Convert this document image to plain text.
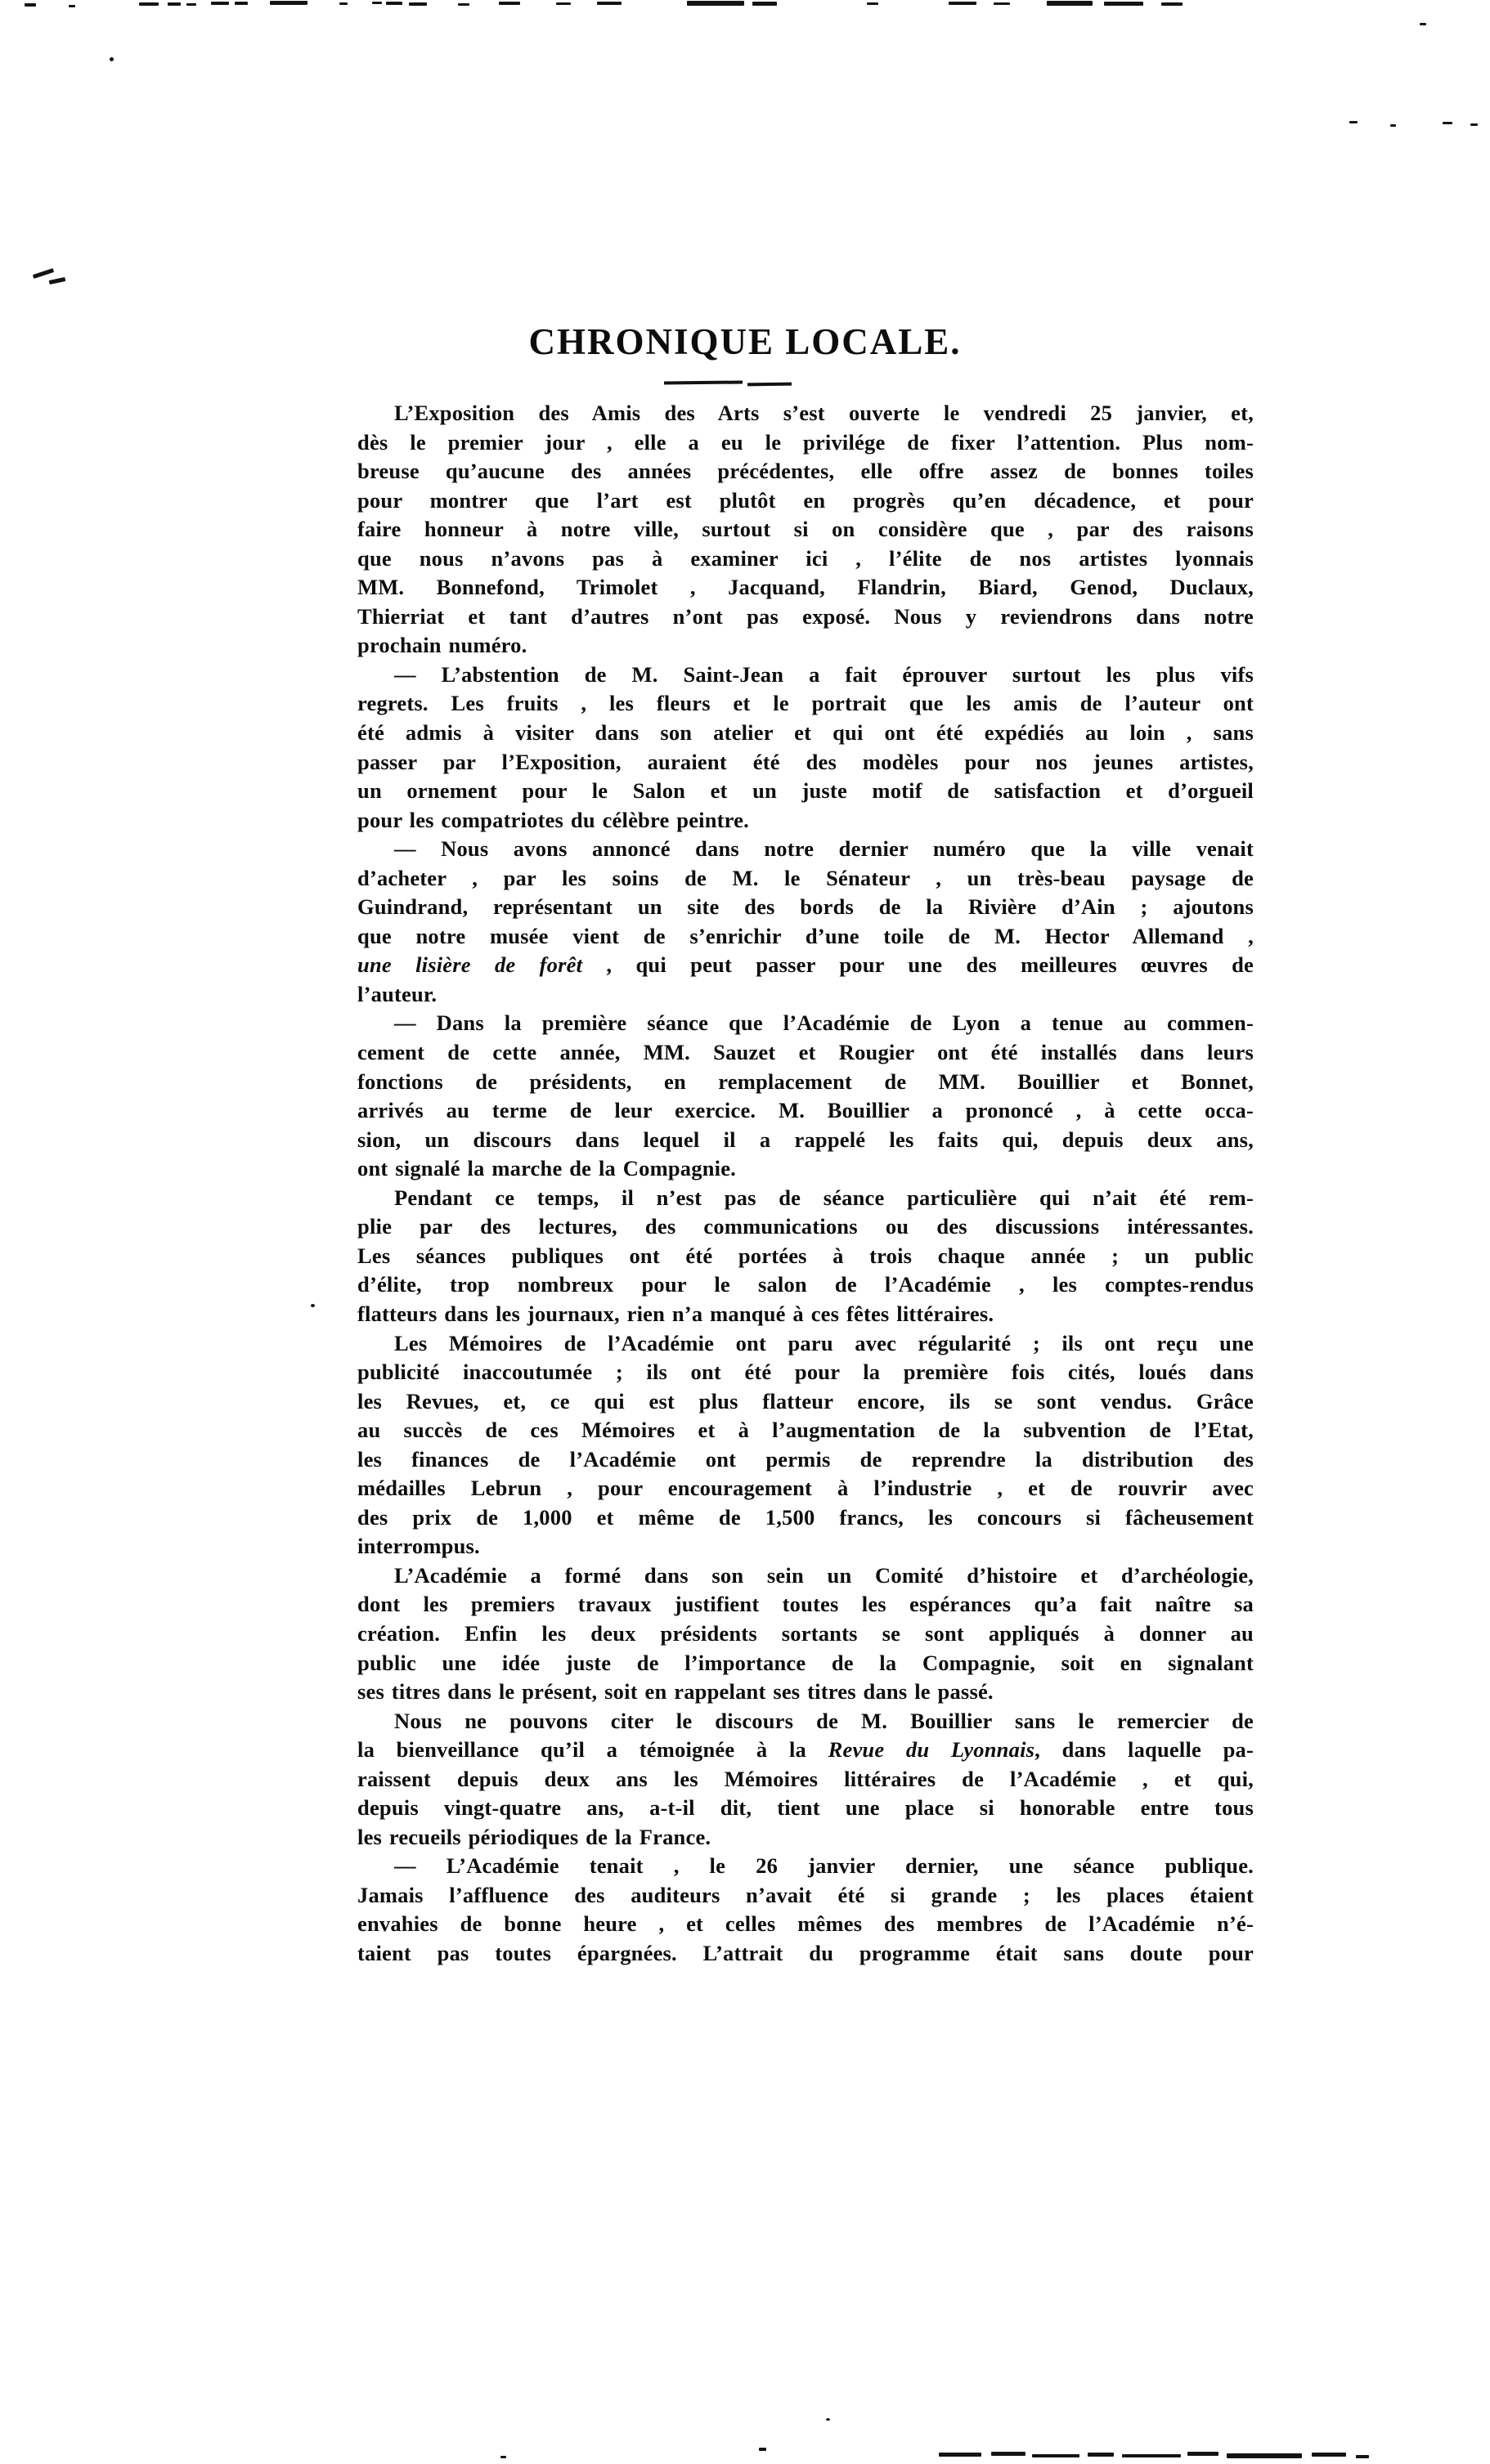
CHRONIQUE LOCALE.
L’Exposition des Amis des Arts s’est ouverte le vendredi 25 janvier, et,
dès le premier jour , elle a eu le privilége de fixer l’attention. Plus nom-
breuse qu’aucune des années précédentes, elle offre assez de bonnes toiles
pour montrer que l’art est plutôt en progrès qu’en décadence, et pour
faire honneur à notre ville, surtout si on considère que , par des raisons
que nous n’avons pas à examiner ici , l’élite de nos artistes lyonnais
MM. Bonnefond, Trimolet , Jacquand, Flandrin, Biard, Genod, Duclaux,
Thierriat et tant d’autres n’ont pas exposé. Nous y reviendrons dans notre
prochain numéro.
— L’abstention de M. Saint-Jean a fait éprouver surtout les plus vifs
regrets. Les fruits , les fleurs et le portrait que les amis de l’auteur ont
été admis à visiter dans son atelier et qui ont été expédiés au loin , sans
passer par l’Exposition, auraient été des modèles pour nos jeunes artistes,
un ornement pour le Salon et un juste motif de satisfaction et d’orgueil
pour les compatriotes du célèbre peintre.
— Nous avons annoncé dans notre dernier numéro que la ville venait
d’acheter , par les soins de M. le Sénateur , un très-beau paysage de
Guindrand, représentant un site des bords de la Rivière d’Ain ; ajoutons
que notre musée vient de s’enrichir d’une toile de M. Hector Allemand ,
une lisière de forêt , qui peut passer pour une des meilleures œuvres de
l’auteur.
— Dans la première séance que l’Académie de Lyon a tenue au commen-
cement de cette année, MM. Sauzet et Rougier ont été installés dans leurs
fonctions de présidents, en remplacement de MM. Bouillier et Bonnet,
arrivés au terme de leur exercice. M. Bouillier a prononcé , à cette occa-
sion, un discours dans lequel il a rappelé les faits qui, depuis deux ans,
ont signalé la marche de la Compagnie.
Pendant ce temps, il n’est pas de séance particulière qui n’ait été rem-
plie par des lectures, des communications ou des discussions intéressantes.
Les séances publiques ont été portées à trois chaque année ; un public
d’élite, trop nombreux pour le salon de l’Académie , les comptes-rendus
flatteurs dans les journaux, rien n’a manqué à ces fêtes littéraires.
Les Mémoires de l’Académie ont paru avec régularité ; ils ont reçu une
publicité inaccoutumée ; ils ont été pour la première fois cités, loués dans
les Revues, et, ce qui est plus flatteur encore, ils se sont vendus. Grâce
au succès de ces Mémoires et à l’augmentation de la subvention de l’Etat,
les finances de l’Académie ont permis de reprendre la distribution des
médailles Lebrun , pour encouragement à l’industrie , et de rouvrir avec
des prix de 1,000 et même de 1,500 francs, les concours si fâcheusement
interrompus.
L’Académie a formé dans son sein un Comité d’histoire et d’archéologie,
dont les premiers travaux justifient toutes les espérances qu’a fait naître sa
création. Enfin les deux présidents sortants se sont appliqués à donner au
public une idée juste de l’importance de la Compagnie, soit en signalant
ses titres dans le présent, soit en rappelant ses titres dans le passé.
Nous ne pouvons citer le discours de M. Bouillier sans le remercier de
la bienveillance qu’il a témoignée à la Revue du Lyonnais, dans laquelle pa-
raissent depuis deux ans les Mémoires littéraires de l’Académie , et qui,
depuis vingt-quatre ans, a-t-il dit, tient une place si honorable entre tous
les recueils périodiques de la France.
— L’Académie tenait , le 26 janvier dernier, une séance publique.
Jamais l’affluence des auditeurs n’avait été si grande ; les places étaient
envahies de bonne heure , et celles mêmes des membres de l’Académie n’é-
taient pas toutes épargnées. L’attrait du programme était sans doute pour
